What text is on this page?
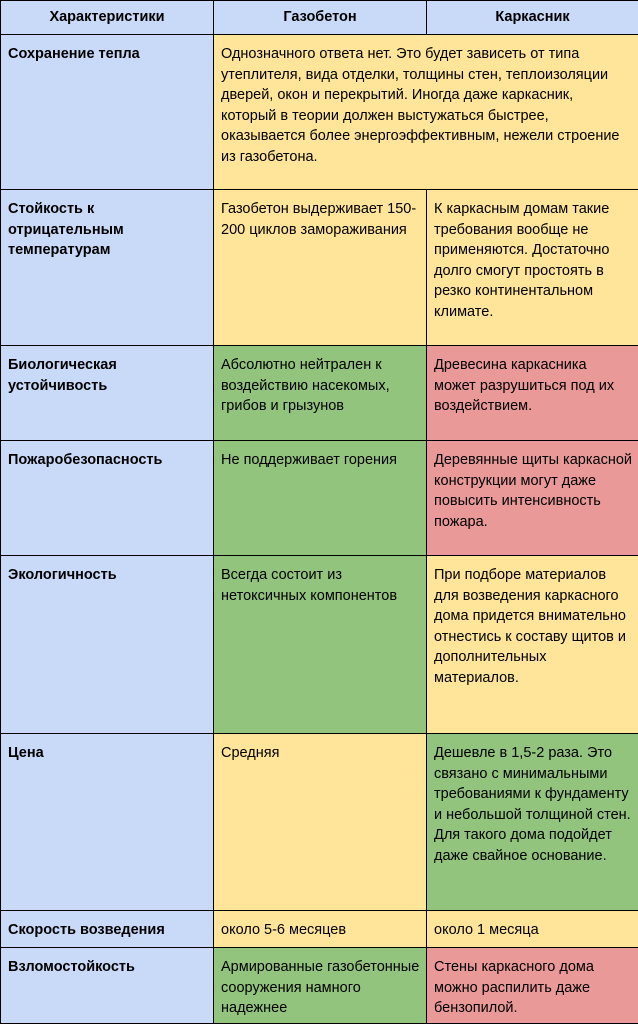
Характеристики	Газобетон	Каркасник
Сохранение тепла	Однозначного ответа нет. Это будет зависеть от типа утеплителя, вида отделки, толщины стен, теплоизоляции дверей, окон и перекрытий. Иногда даже каркасник, который в теории должен выстужаться быстрее, оказывается более энергоэффективным, нежели строение из газобетона.	
Стойкость к отрицательным температурам	Газобетон выдерживает 150-200 циклов замораживания	К каркасным домам такие требования вообще не применяются. Достаточно долго смогут простоять в резко континентальном климате.
Биологическая устойчивость	Абсолютно нейтрален к воздействию насекомых, грибов и грызунов	Древесина каркасника может разрушиться под их воздействием.
Пожаробезопасность	Не поддерживает горения	Деревянные щиты каркасной конструкции могут даже повысить интенсивность пожара.
Экологичность	Всегда состоит из нетоксичных компонентов	При подборе материалов для возведения каркасного дома придется внимательно отнестись к составу щитов и дополнительных материалов.
Цена	Средняя	Дешевле в 1,5-2 раза. Это связано с минимальными требованиями к фундаменту и небольшой толщиной стен. Для такого дома подойдет даже свайное основание.
Скорость возведения	около 5-6 месяцев	около 1 месяца
Взломостойкость	Армированные газобетонные сооружения намного надежнее	Стены каркасного дома можно распилить даже бензопилой.
